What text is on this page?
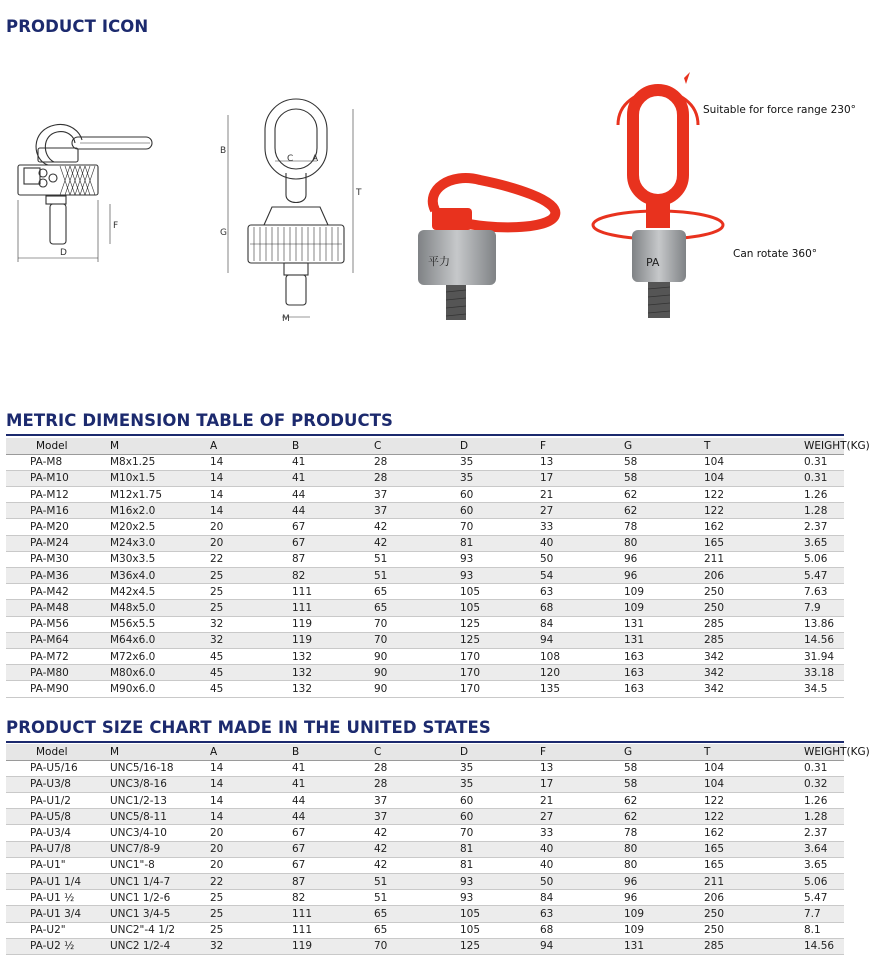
PRODUCT ICON
D
F
B
G
T
C A
M
平力	PA
Suitable for force range 230°
Can rotate 360°
METRIC DIMENSION TABLE OF PRODUCTS
Model	M	A	B	C	D	F	G	T	WEIGHT(KG)
PA-M8	M8x1.25	14	41	28	35	13	58	104	0.31
PA-M10	M10x1.5	14	41	28	35	17	58	104	0.31
PA-M12	M12x1.75	14	44	37	60	21	62	122	1.26
PA-M16	M16x2.0	14	44	37	60	27	62	122	1.28
PA-M20	M20x2.5	20	67	42	70	33	78	162	2.37
PA-M24	M24x3.0	20	67	42	81	40	80	165	3.65
PA-M30	M30x3.5	22	87	51	93	50	96	211	5.06
PA-M36	M36x4.0	25	82	51	93	54	96	206	5.47
PA-M42	M42x4.5	25	111	65	105	63	109	250	7.63
PA-M48	M48x5.0	25	111	65	105	68	109	250	7.9
PA-M56	M56x5.5	32	119	70	125	84	131	285	13.86
PA-M64	M64x6.0	32	119	70	125	94	131	285	14.56
PA-M72	M72x6.0	45	132	90	170	108	163	342	31.94
PA-M80	M80x6.0	45	132	90	170	120	163	342	33.18
PA-M90	M90x6.0	45	132	90	170	135	163	342	34.5
PRODUCT SIZE CHART MADE IN THE UNITED STATES
Model	M	A	B	C	D	F	G	T	WEIGHT(KG)
PA-U5/16	UNC5/16-18	14	41	28	35	13	58	104	0.31
PA-U3/8	UNC3/8-16	14	41	28	35	17	58	104	0.32
PA-U1/2	UNC1/2-13	14	44	37	60	21	62	122	1.26
PA-U5/8	UNC5/8-11	14	44	37	60	27	62	122	1.28
PA-U3/4	UNC3/4-10	20	67	42	70	33	78	162	2.37
PA-U7/8	UNC7/8-9	20	67	42	81	40	80	165	3.64
PA-U1"	UNC1"-8	20	67	42	81	40	80	165	3.65
PA-U1 1/4	UNC1 1/4-7	22	87	51	93	50	96	211	5.06
PA-U1 ½	UNC1 1/2-6	25	82	51	93	84	96	206	5.47
PA-U1 3/4	UNC1 3/4-5	25	111	65	105	63	109	250	7.7
PA-U2"	UNC2"-4 1/2	25	111	65	105	68	109	250	8.1
PA-U2 ½	UNC2 1/2-4	32	119	70	125	94	131	285	14.56
